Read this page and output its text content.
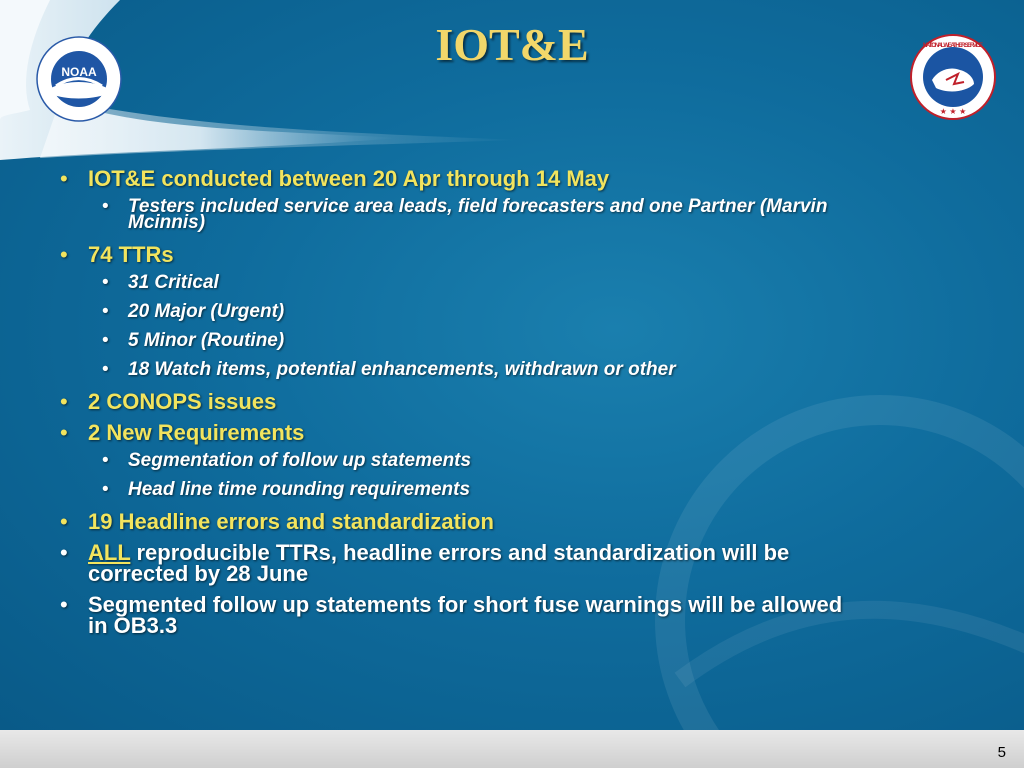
IOT&E
NOAA
NATIONAL WEATHER SERVICE
★ ★ ★
• IOT&E conducted between 20 Apr through 14 May
• Testers included service area leads, field forecasters and one Partner (Marvin
Mcinnis)
• 74 TTRs
• 31 Critical
• 20 Major (Urgent)
• 5 Minor (Routine)
• 18 Watch items, potential enhancements, withdrawn or other
• 2 CONOPS issues
• 2 New Requirements
• Segmentation of follow up statements
• Head line time rounding requirements
• 19 Headline errors and standardization
• ALL reproducible TTRs, headline errors and standardization will be
corrected by 28 June
• Segmented follow up statements for short fuse warnings will be allowed
in OB3.3
5
